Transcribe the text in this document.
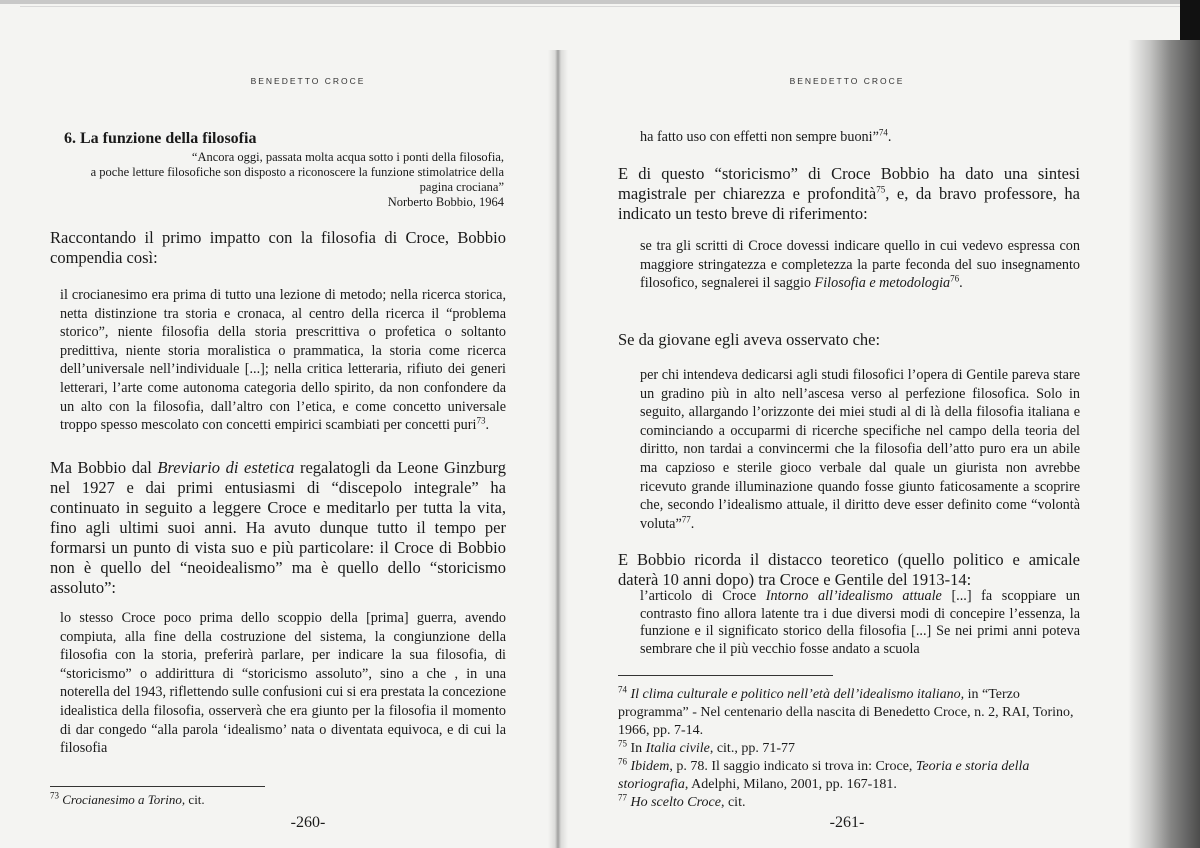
BENEDETTO CROCE
6. La funzione della filosofia

“Ancora oggi, passata molta acqua sotto i ponti della filosofia,

a poche letture filosofiche son disposto a riconoscere la funzione stimolatrice della

pagina crociana”

Norberto Bobbio, 1964

Raccontando il primo impatto con la filosofia di Croce, Bobbio compendia così:

il crocianesimo era prima di tutto una lezione di metodo; nella ricerca storica, netta distinzione tra storia e cronaca, al centro della ricerca il “problema storico”, niente filosofia della storia prescrittiva o profetica o soltanto predittiva, niente storia moralistica o prammatica, la storia come ricerca dell’universale nell’individuale [...]; nella critica letteraria, rifiuto dei generi letterari, l’arte come autonoma categoria dello spirito, da non confondere da un alto con la filosofia, dall’altro con l’etica, e come concetto universale troppo spesso mescolato con concetti empirici scambiati per concetti puri$^{73}$.

Ma Bobbio dal Breviario di estetica regalatogli da Leone Ginzburg nel 1927 e dai primi entusiasmi di “discepolo integrale” ha continuato in seguito a leggere Croce e meditarlo per tutta la vita, fino agli ultimi suoi anni. Ha avuto dunque tutto il tempo per formarsi un punto di vista suo e più particolare: il Croce di Bobbio non è quello del “neoidealismo” ma è quello dello “storicismo assoluto”:

lo stesso Croce poco prima dello scoppio della [prima] guerra, avendo compiuta, alla fine della costruzione del sistema, la congiunzione della filosofia con la storia, preferirà parlare, per indicare la sua filosofia, di “storicismo” o addirittura di “storicismo assoluto”, sino a che , in una noterella del 1943, riflettendo sulle confusioni cui si era prestata la concezione idealistica della filosofia, osserverà che era giunto per la filosofia il momento di dar congedo “alla parola ‘idealismo’ nata o diventata equivoca, e di cui la filosofia

$^{73}$ Crocianesimo a Torino, cit.

-260-
BENEDETTO CROCE

ha fatto uso con effetti non sempre buoni”$^{74}$.

E di questo “storicismo” di Croce Bobbio ha dato una sintesi magistrale per chiarezza e profondità$^{75}$, e, da bravo professore, ha indicato un testo breve di riferimento:

se tra gli scritti di Croce dovessi indicare quello in cui vedevo espressa con maggiore stringatezza e completezza la parte feconda del suo insegnamento filosofico, segnalerei il saggio Filosofia e metodologia$^{76}$.

Se da giovane egli aveva osservato che:

per chi intendeva dedicarsi agli studi filosofici l’opera di Gentile pareva stare un gradino più in alto nell’ascesa verso al perfezione filosofica. Solo in seguito, allargando l’orizzonte dei miei studi al di là della filosofia italiana e cominciando a occuparmi di ricerche specifiche nel campo della teoria del diritto, non tardai a convincermi che la filosofia dell’atto puro era un abile ma capzioso e sterile gioco verbale dal quale un giurista non avrebbe ricevuto grande illuminazione quando fosse giunto faticosamente a scoprire che, secondo l’idealismo attuale, il diritto deve esser definito come “volontà voluta”$^{77}$.

E Bobbio ricorda il distacco teoretico (quello politico e amicale daterà 10 anni dopo) tra Croce e Gentile del 1913-14:

l’articolo di Croce Intorno all’idealismo attuale [...] fa scoppiare un contrasto fino allora latente tra i due diversi modi di concepire l’essenza, la funzione e il significato storico della filosofia [...] Se nei primi anni poteva sembrare che il più vecchio fosse andato a scuola

$^{74}$ Il clima culturale e politico nell’età dell’idealismo italiano, in “Terzo programma” - Nel centenario della nascita di Benedetto Croce, n. 2, RAI, Torino, 1966, pp. 7-14.

$^{75}$ In Italia civile, cit., pp. 71-77

$^{76}$ Ibidem, p. 78. Il saggio indicato si trova in: Croce, Teoria e storia della storiografia, Adelphi, Milano, 2001, pp. 167-181.

$^{77}$ Ho scelto Croce, cit.

-261-
